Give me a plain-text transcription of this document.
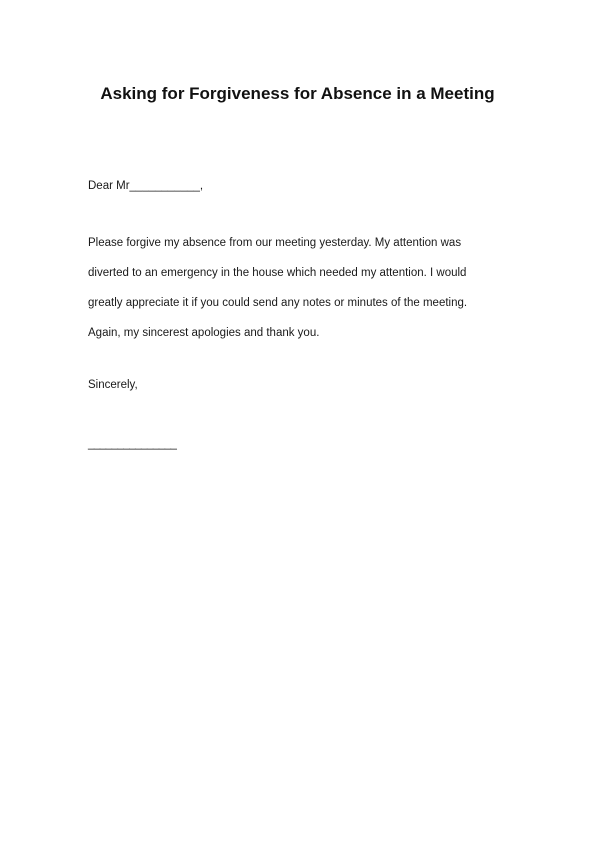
Asking for Forgiveness for Absence in a Meeting

Dear Mr___________,

Please forgive my absence from our meeting yesterday. My attention was
diverted to an emergency in the house which needed my attention. I would
greatly appreciate it if you could send any notes or minutes of the meeting.
Again, my sincerest apologies and thank you.

Sincerely,

_______________
